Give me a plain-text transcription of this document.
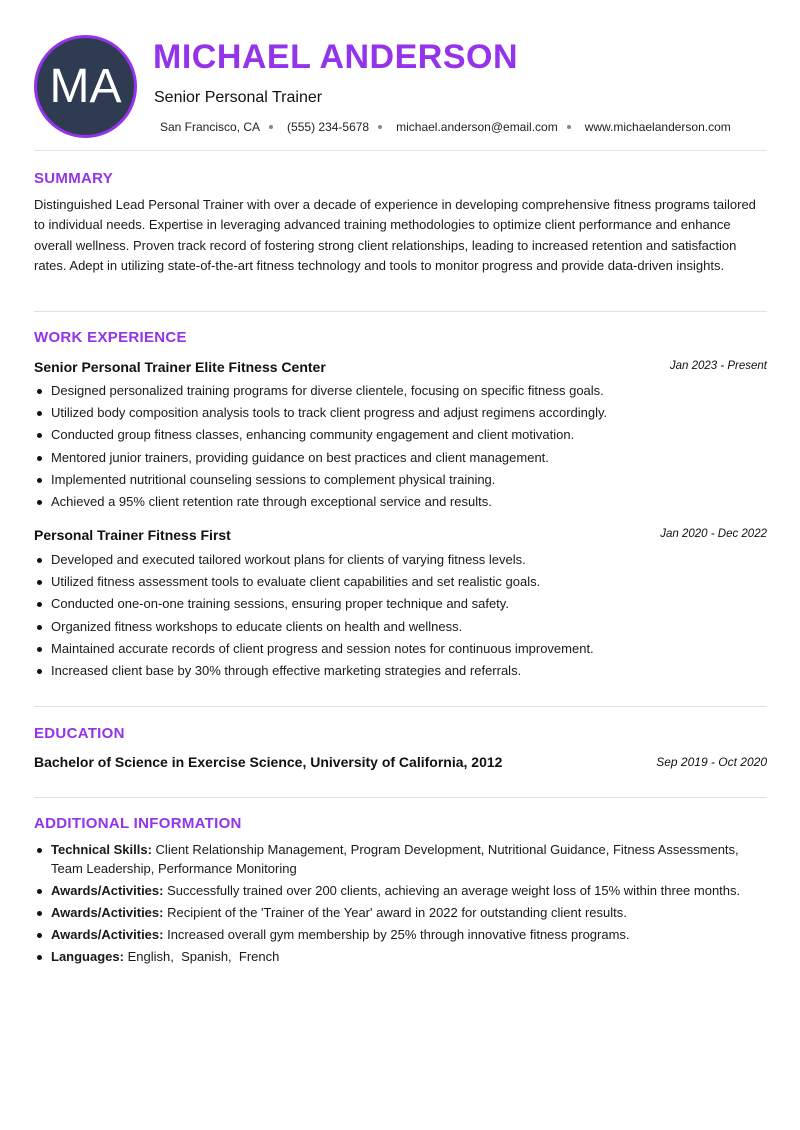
MA
MICHAEL ANDERSON
Senior Personal Trainer
San Francisco, CA (555) 234-5678 michael.anderson@email.com www.michaelanderson.com
SUMMARY
Distinguished Lead Personal Trainer with over a decade of experience in developing comprehensive fitness programs tailored to individual needs. Expertise in leveraging advanced training methodologies to optimize client performance and enhance overall wellness. Proven track record of fostering strong client relationships, leading to increased retention and satisfaction rates. Adept in utilizing state-of-the-art fitness technology and tools to monitor progress and provide data-driven insights.
WORK EXPERIENCE
Senior Personal Trainer Elite Fitness Center	Jan 2023 - Present
Designed personalized training programs for diverse clientele, focusing on specific fitness goals.
Utilized body composition analysis tools to track client progress and adjust regimens accordingly.
Conducted group fitness classes, enhancing community engagement and client motivation.
Mentored junior trainers, providing guidance on best practices and client management.
Implemented nutritional counseling sessions to complement physical training.
Achieved a 95% client retention rate through exceptional service and results.
Personal Trainer Fitness First	Jan 2020 - Dec 2022
Developed and executed tailored workout plans for clients of varying fitness levels.
Utilized fitness assessment tools to evaluate client capabilities and set realistic goals.
Conducted one-on-one training sessions, ensuring proper technique and safety.
Organized fitness workshops to educate clients on health and wellness.
Maintained accurate records of client progress and session notes for continuous improvement.
Increased client base by 30% through effective marketing strategies and referrals.
EDUCATION
Bachelor of Science in Exercise Science, University of California, 2012	Sep 2019 - Oct 2020
ADDITIONAL INFORMATION
Technical Skills: Client Relationship Management, Program Development, Nutritional Guidance, Fitness Assessments, Team Leadership, Performance Monitoring
Awards/Activities: Successfully trained over 200 clients, achieving an average weight loss of 15% within three months.
Awards/Activities: Recipient of the 'Trainer of the Year' award in 2022 for outstanding client results.
Awards/Activities: Increased overall gym membership by 25% through innovative fitness programs.
Languages: English,  Spanish,  French
